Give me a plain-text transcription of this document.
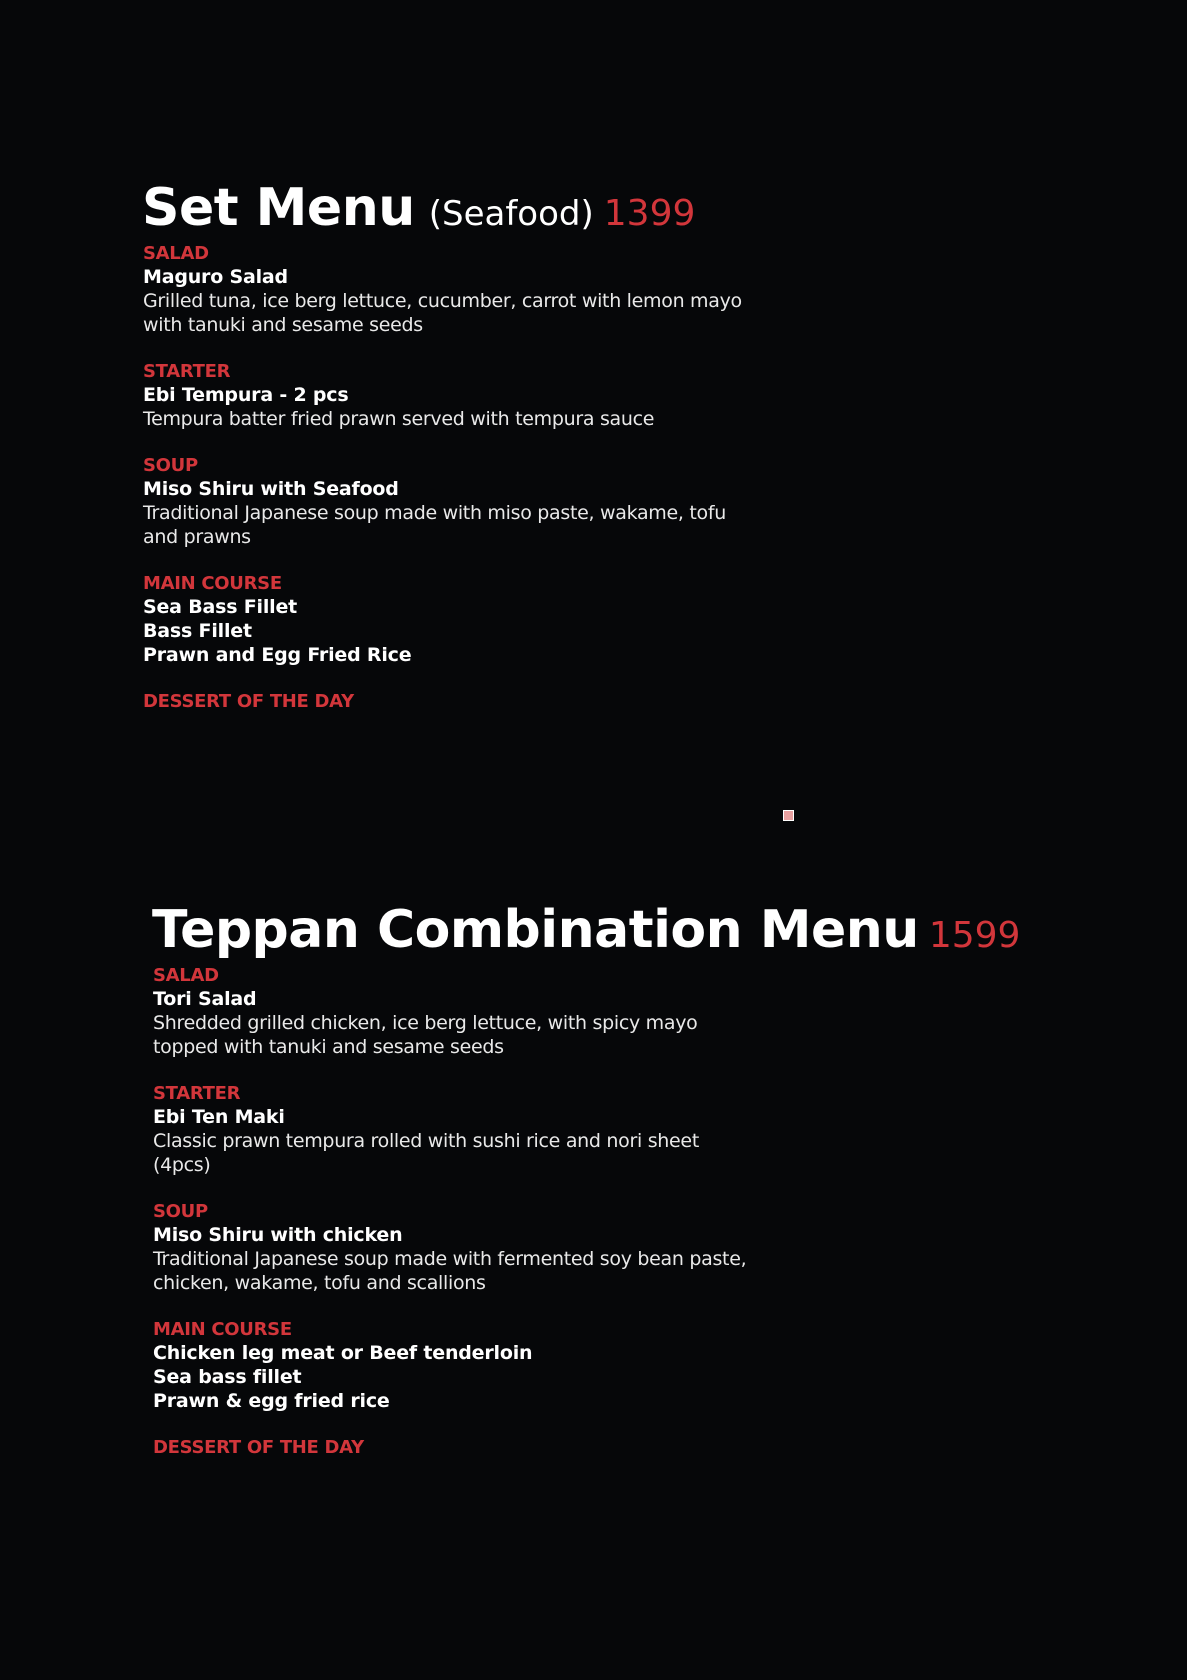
Set Menu (Seafood) 1399
SALAD
Maguro Salad
Grilled tuna, ice berg lettuce, cucumber, carrot with lemon mayo
with tanuki and sesame seeds
STARTER
Ebi Tempura - 2 pcs
Tempura batter fried prawn served with tempura sauce
SOUP
Miso Shiru with Seafood
Traditional Japanese soup made with miso paste, wakame, tofu
and prawns
MAIN COURSE
Sea Bass Fillet
Bass Fillet
Prawn and Egg Fried Rice
DESSERT OF THE DAY
Teppan Combination Menu 1599
SALAD
Tori Salad
Shredded grilled chicken, ice berg lettuce, with spicy mayo
topped with tanuki and sesame seeds
STARTER
Ebi Ten Maki
Classic prawn tempura rolled with sushi rice and nori sheet
(4pcs)
SOUP
Miso Shiru with chicken
Traditional Japanese soup made with fermented soy bean paste,
chicken, wakame, tofu and scallions
MAIN COURSE
Chicken leg meat or Beef tenderloin
Sea bass fillet
Prawn & egg fried rice
DESSERT OF THE DAY
